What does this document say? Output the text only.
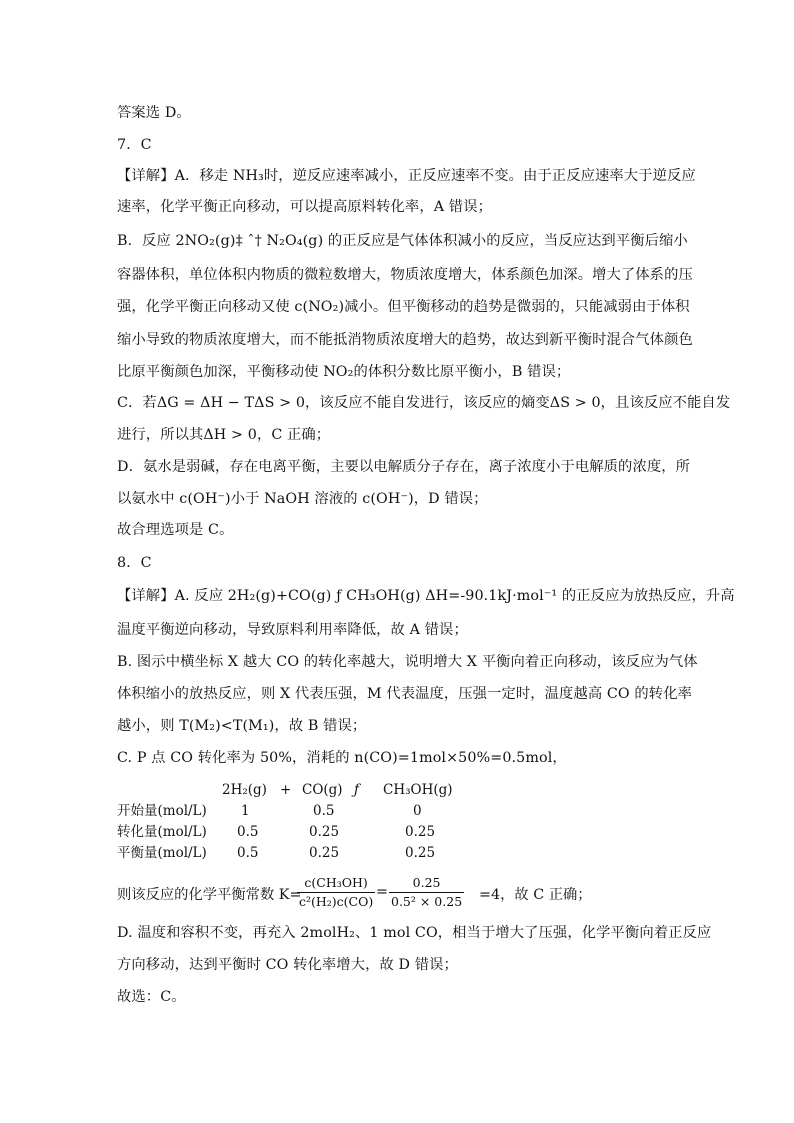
答案选 D。
7．C
【详解】A．移走 NH₃时，逆反应速率减小，正反应速率不变。由于正反应速率大于逆反应
速率，化学平衡正向移动，可以提高原料转化率，A 错误；
B．反应 2NO₂(g)‡ ˆ† N₂O₄(g) 的正反应是气体体积减小的反应，当反应达到平衡后缩小
容器体积，单位体积内物质的微粒数增大，物质浓度增大，体系颜色加深。增大了体系的压
强，化学平衡正向移动又使 c(NO₂)减小。但平衡移动的趋势是微弱的，只能减弱由于体积
缩小导致的物质浓度增大，而不能抵消物质浓度增大的趋势，故达到新平衡时混合气体颜色
比原平衡颜色加深，平衡移动使 NO₂的体积分数比原平衡小，B 错误；
C．若ΔG = ΔH − TΔS > 0，该反应不能自发进行，该反应的熵变ΔS > 0，且该反应不能自发
进行，所以其ΔH > 0，C 正确；
D．氨水是弱碱，存在电离平衡，主要以电解质分子存在，离子浓度小于电解质的浓度，所
以氨水中 c(OH⁻)小于 NaOH 溶液的 c(OH⁻)，D 错误；
故合理选项是 C。
8．C
【详解】A. 反应 2H₂(g)+CO(g) ƒ CH₃OH(g) ΔH=-90.1kJ·mol⁻¹ 的正反应为放热反应，升高
温度平衡逆向移动，导致原料利用率降低，故 A 错误；
B. 图示中横坐标 X 越大 CO 的转化率越大，说明增大 X 平衡向着正向移动，该反应为气体
体积缩小的放热反应，则 X 代表压强，M 代表温度，压强一定时，温度越高 CO 的转化率
越小，则 T(M₂)<T(M₁)，故 B 错误；
C. P 点 CO 转化率为 50%，消耗的 n(CO)=1mol×50%=0.5mol，
2H₂(g) + CO(g) ƒ CH₃OH(g)
开始量(mol/L)	1	0.5	0
转化量(mol/L) 0.5	0.25	0.25
平衡量(mol/L) 0.5	0.25	0.25
则该反应的化学平衡常数 K=
$\frac{\text{c(CH₃OH)}}{\text{c²(H₂)c(CO)}} = \frac{0.25}{\text{0.5² × 0.25}} =4$，故 C 正确；
D. 温度和容积不变，再充入 2molH₂、1 mol CO，相当于增大了压强，化学平衡向着正反应
方向移动，达到平衡时 CO 转化率增大，故 D 错误；
故选：C。
